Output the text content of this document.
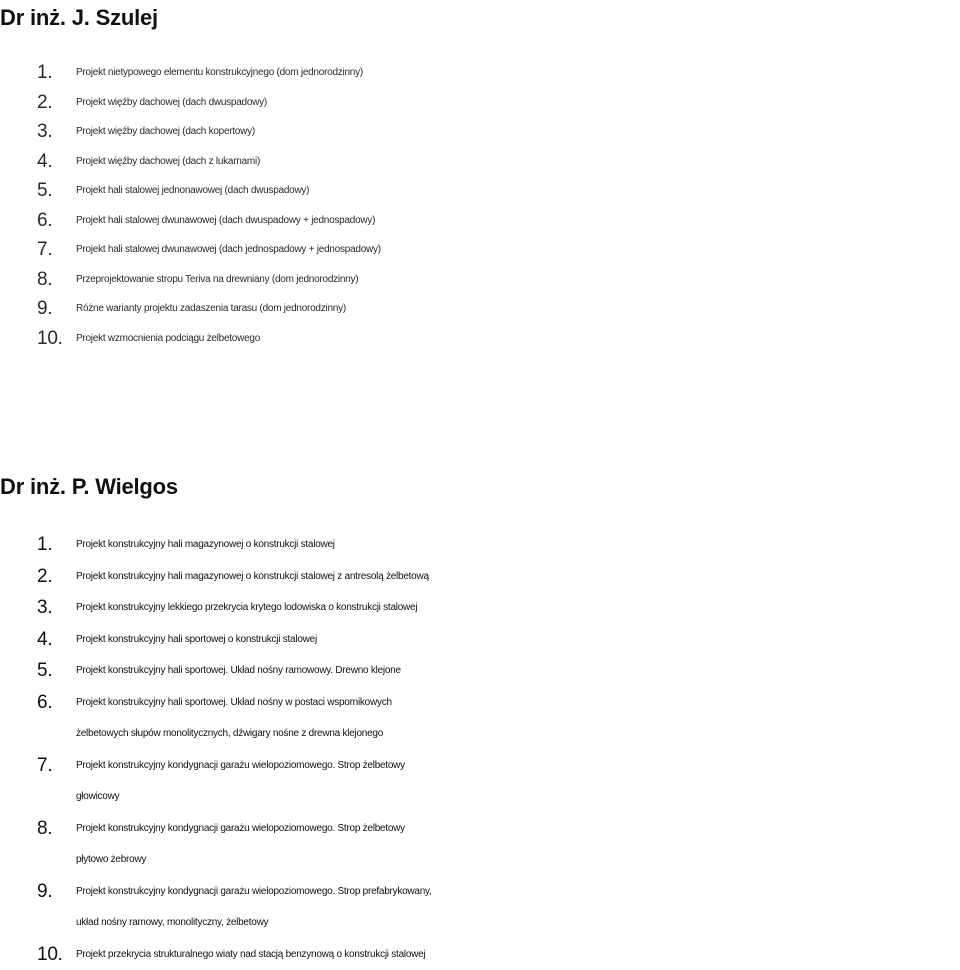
Dr inż. J. Szulej
1. Projekt nietypowego elementu konstrukcyjnego (dom jednorodzinny)
2. Projekt więźby dachowej (dach dwuspadowy)
3. Projekt więźby dachowej (dach kopertowy)
4. Projekt więźby dachowej (dach z lukarnami)
5. Projekt hali stalowej jednonawowej (dach dwuspadowy)
6. Projekt hali stalowej dwunawowej (dach dwuspadowy + jednospadowy)
7. Projekt hali stalowej dwunawowej (dach jednospadowy + jednospadowy)
8. Przeprojektowanie stropu Teriva na drewniany (dom jednorodzinny)
9. Różne warianty projektu zadaszenia tarasu (dom jednorodzinny)
10. Projekt wzmocnienia podciągu żelbetowego
Dr inż. P. Wielgos
1. Projekt konstrukcyjny hali magazynowej o konstrukcji stalowej
2. Projekt konstrukcyjny hali magazynowej o konstrukcji stalowej z antresolą żelbetową
3. Projekt konstrukcyjny lekkiego przekrycia krytego lodowiska o konstrukcji stalowej
4. Projekt konstrukcyjny hali sportowej o konstrukcji stalowej
5. Projekt konstrukcyjny hali sportowej. Układ nośny ramowowy. Drewno klejone
6. Projekt konstrukcyjny hali sportowej. Układ nośny w postaci wspornikowych
żelbetowych słupów monolitycznych, dźwigary nośne z drewna klejonego
7. Projekt konstrukcyjny kondygnacji garażu wielopoziomowego. Strop żelbetowy
głowicowy
8. Projekt konstrukcyjny kondygnacji garażu wielopoziomowego. Strop żelbetowy
płytowo żebrowy
9. Projekt konstrukcyjny kondygnacji garażu wielopoziomowego. Strop prefabrykowany,
układ nośny ramowy, monolityczny, żelbetowy
10. Projekt przekrycia strukturalnego wiaty nad stacją benzynową o konstrukcji stalowej
